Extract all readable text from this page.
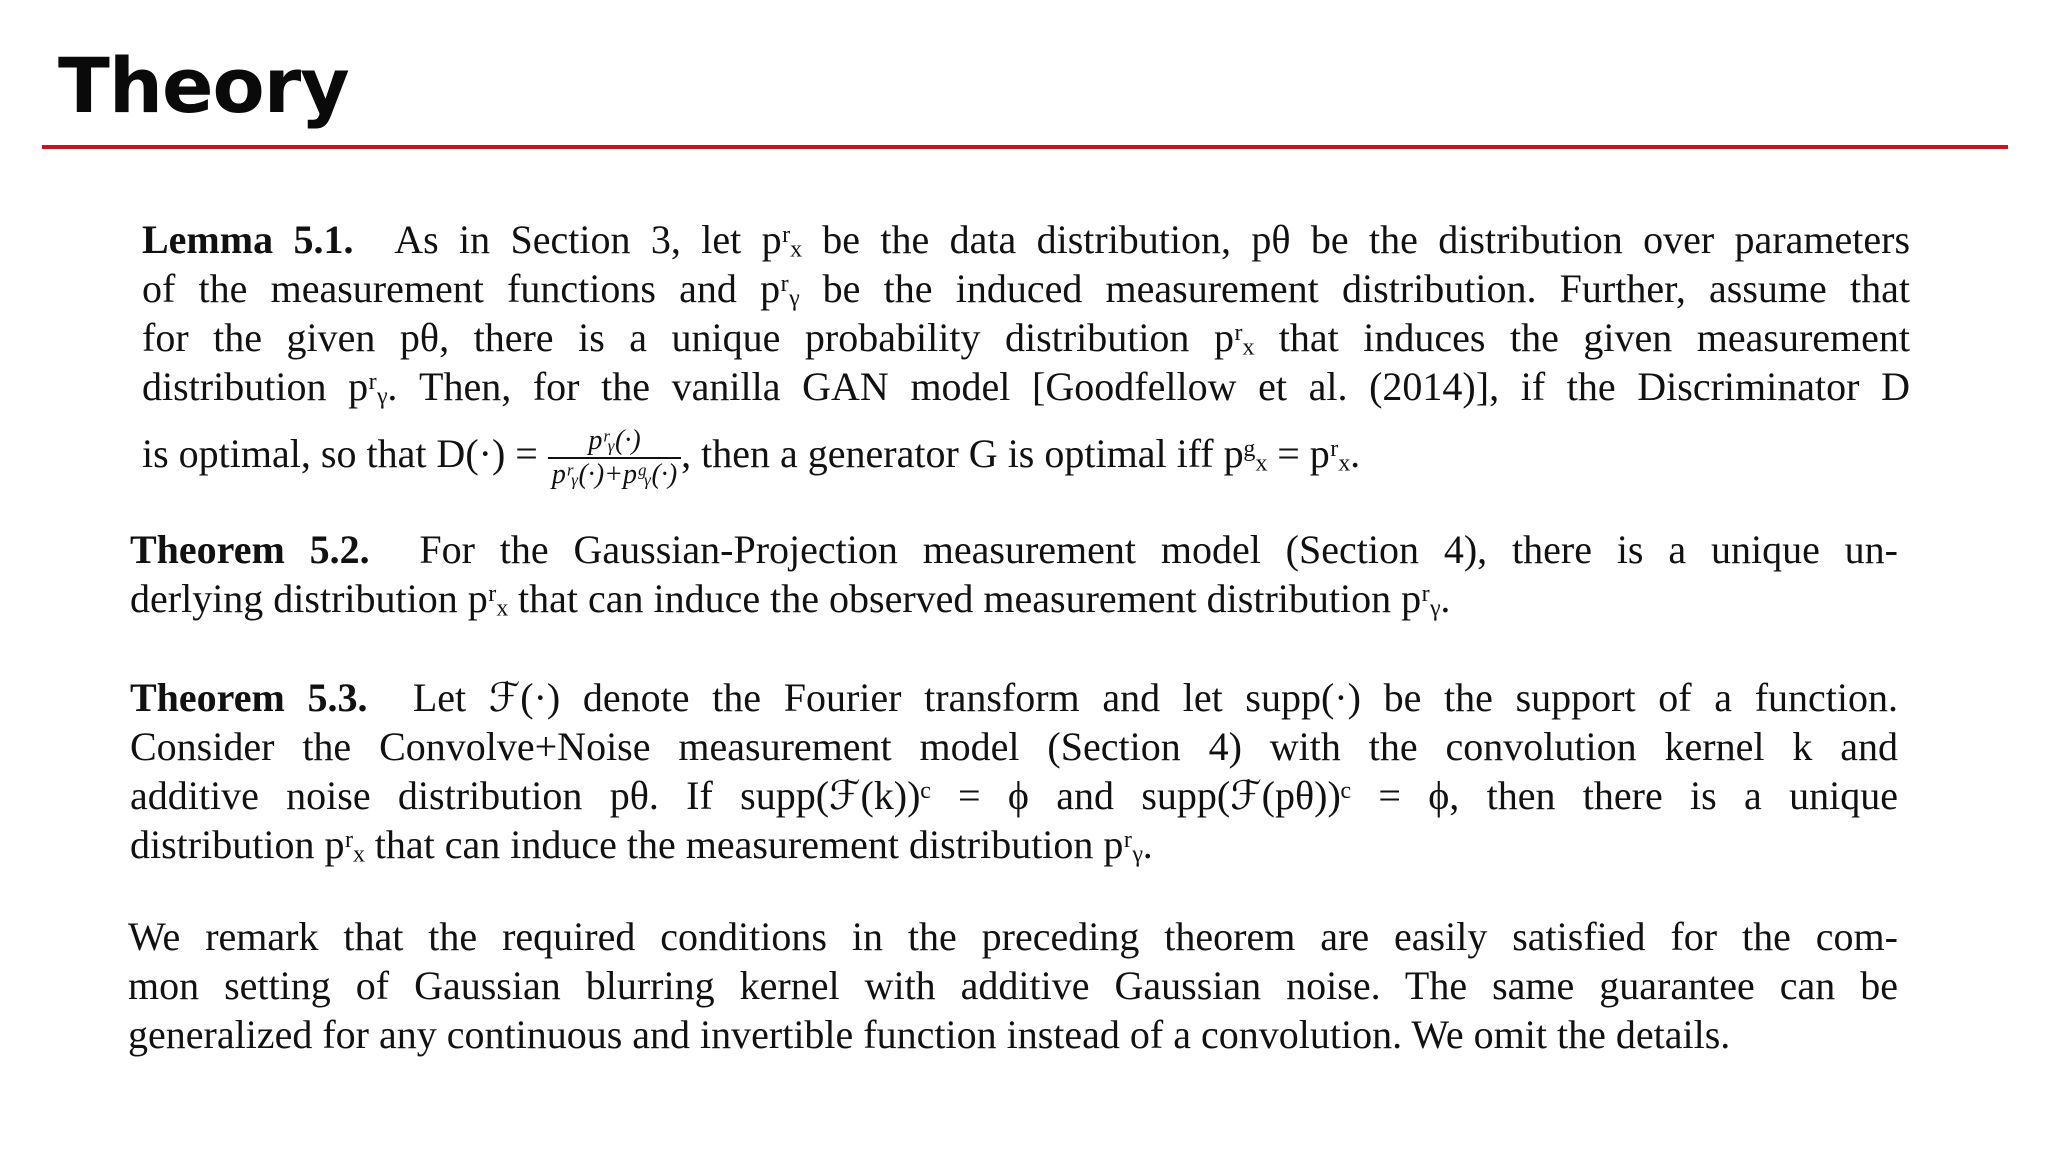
Theory
Lemma 5.1. As in Section 3, let pʳₓ be the data distribution, pθ be the distribution over parameters
of the measurement functions and pʳᵧ be the induced measurement distribution. Further, assume that
for the given pθ, there is a unique probability distribution pʳₓ that induces the given measurement
distribution pʳᵧ. Then, for the vanilla GAN model [Goodfellow et al. (2014)], if the Discriminator D
is optimal, so that $D(\cdot) = \frac{\text{pʳᵧ(·)}}{\text{pʳᵧ(·)+pᵍᵧ(·)}}$ , then a generator G is optimal iff pᵍₓ = pʳₓ.
Theorem 5.2. For the Gaussian-Projection measurement model (Section 4), there is a unique un-
derlying distribution pʳₓ that can induce the observed measurement distribution pʳᵧ.
Theorem 5.3. Let ℱ(·) denote the Fourier transform and let supp(·) be the support of a function.
Consider the Convolve+Noise measurement model (Section 4) with the convolution kernel k and
additive noise distribution pθ. If supp(ℱ(k))ᶜ = ϕ and supp(ℱ(pθ))ᶜ = ϕ, then there is a unique
distribution pʳₓ that can induce the measurement distribution pʳᵧ.
We remark that the required conditions in the preceding theorem are easily satisfied for the com-
mon setting of Gaussian blurring kernel with additive Gaussian noise. The same guarantee can be
generalized for any continuous and invertible function instead of a convolution. We omit the details.
